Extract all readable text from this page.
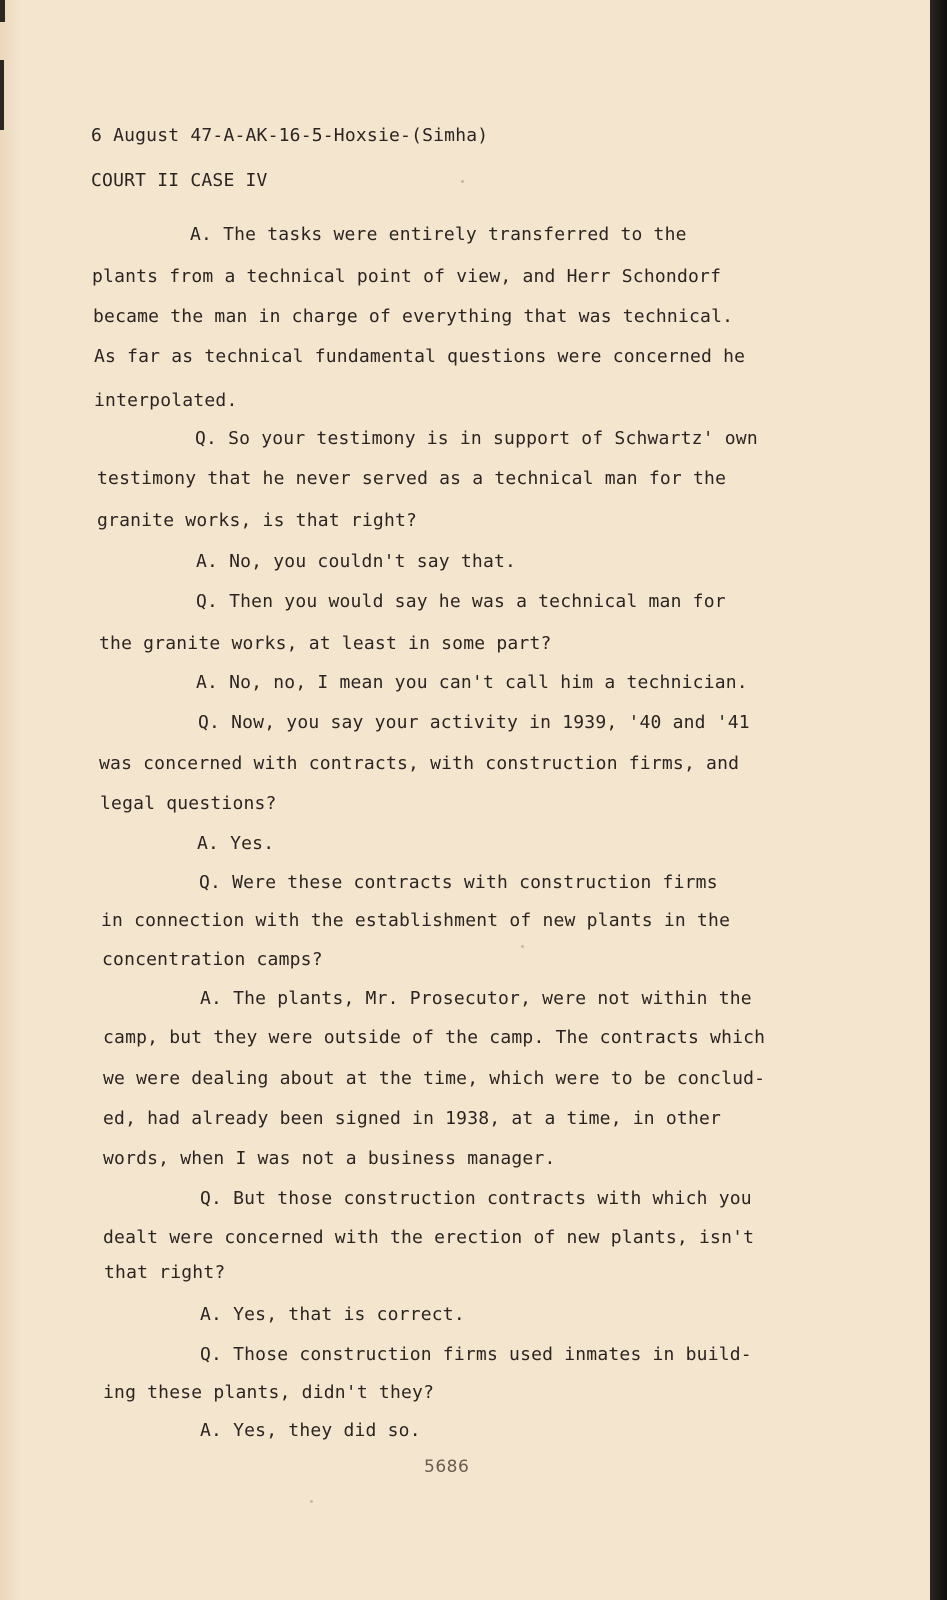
6 August 47-A-AK-16-5-Hoxsie-(Simha)
COURT II CASE IV
A. The tasks were entirely transferred to the
plants from a technical point of view, and Herr Schondorf
became the man in charge of everything that was technical.
As far as technical fundamental questions were concerned he
interpolated.
Q. So your testimony is in support of Schwartz' own
testimony that he never served as a technical man for the
granite works, is that right?
A. No, you couldn't say that.
Q. Then you would say he was a technical man for
the granite works, at least in some part?
A. No, no, I mean you can't call him a technician.
Q. Now, you say your activity in 1939, '40 and '41
was concerned with contracts, with construction firms, and
legal questions?
A. Yes.
Q. Were these contracts with construction firms
in connection with the establishment of new plants in the
concentration camps?
A. The plants, Mr. Prosecutor, were not within the
camp, but they were outside of the camp. The contracts which
we were dealing about at the time, which were to be conclud-
ed, had already been signed in 1938, at a time, in other
words, when I was not a business manager.
Q. But those construction contracts with which you
dealt were concerned with the erection of new plants, isn't
that right?
A. Yes, that is correct.
Q. Those construction firms used inmates in build-
ing these plants, didn't they?
A. Yes, they did so.
5686
